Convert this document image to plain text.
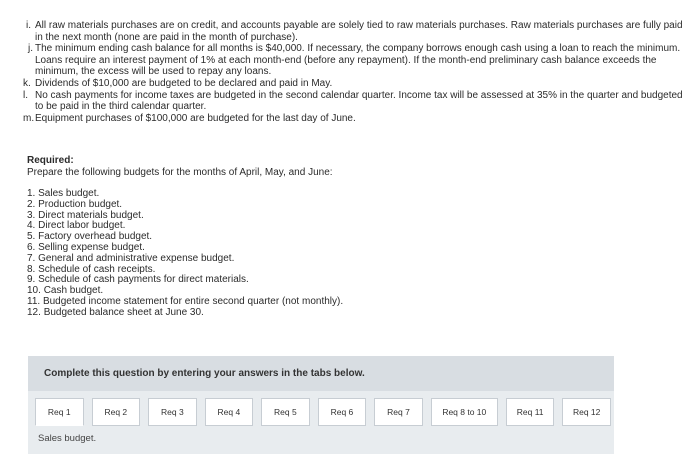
i. All raw materials purchases are on credit, and accounts payable are solely tied to raw materials purchases. Raw materials purchases are fully paid in the next month (none are paid in the month of purchase).
j. The minimum ending cash balance for all months is $40,000. If necessary, the company borrows enough cash using a loan to reach the minimum. Loans require an interest payment of 1% at each month-end (before any repayment). If the month-end preliminary cash balance exceeds the minimum, the excess will be used to repay any loans.
k. Dividends of $10,000 are budgeted to be declared and paid in May.
l. No cash payments for income taxes are budgeted in the second calendar quarter. Income tax will be assessed at 35% in the quarter and budgeted to be paid in the third calendar quarter.
m. Equipment purchases of $100,000 are budgeted for the last day of June.
Required:
Prepare the following budgets for the months of April, May, and June:
1. Sales budget.
2. Production budget.
3. Direct materials budget.
4. Direct labor budget.
5. Factory overhead budget.
6. Selling expense budget.
7. General and administrative expense budget.
8. Schedule of cash receipts.
9. Schedule of cash payments for direct materials.
10. Cash budget.
11. Budgeted income statement for entire second quarter (not monthly).
12. Budgeted balance sheet at June 30.
Complete this question by entering your answers in the tabs below.
Req 1	Req 2	Req 3	Req 4	Req 5	Req 6	Req 7	Req 8 to 10	Req 11	Req 12
Sales budget.
